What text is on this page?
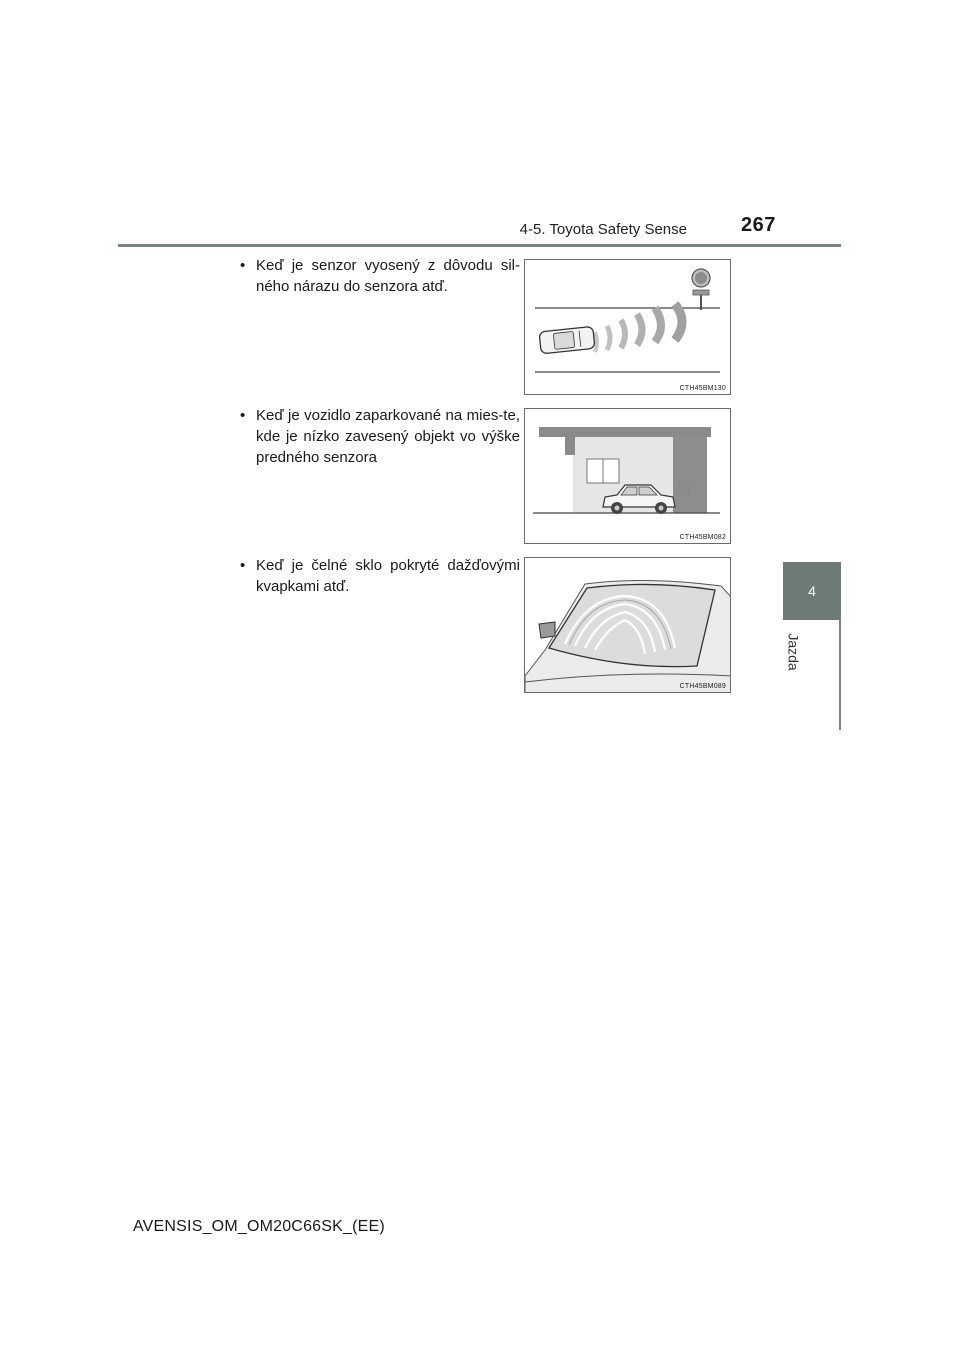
4-5. Toyota Safety Sense	267
4
Jazda
• Keď je senzor vyosený z dôvodu sil-ného nárazu do senzora atď.
CTH45BM130
• Keď je vozidlo zaparkované na mies-te, kde je nízko zavesený objekt vo výške predného senzora
CTH45BM082
• Keď je čelné sklo pokryté dažďovými kvapkami atď.
CTH45BM089
AVENSIS_OM_OM20C66SK_(EE)
